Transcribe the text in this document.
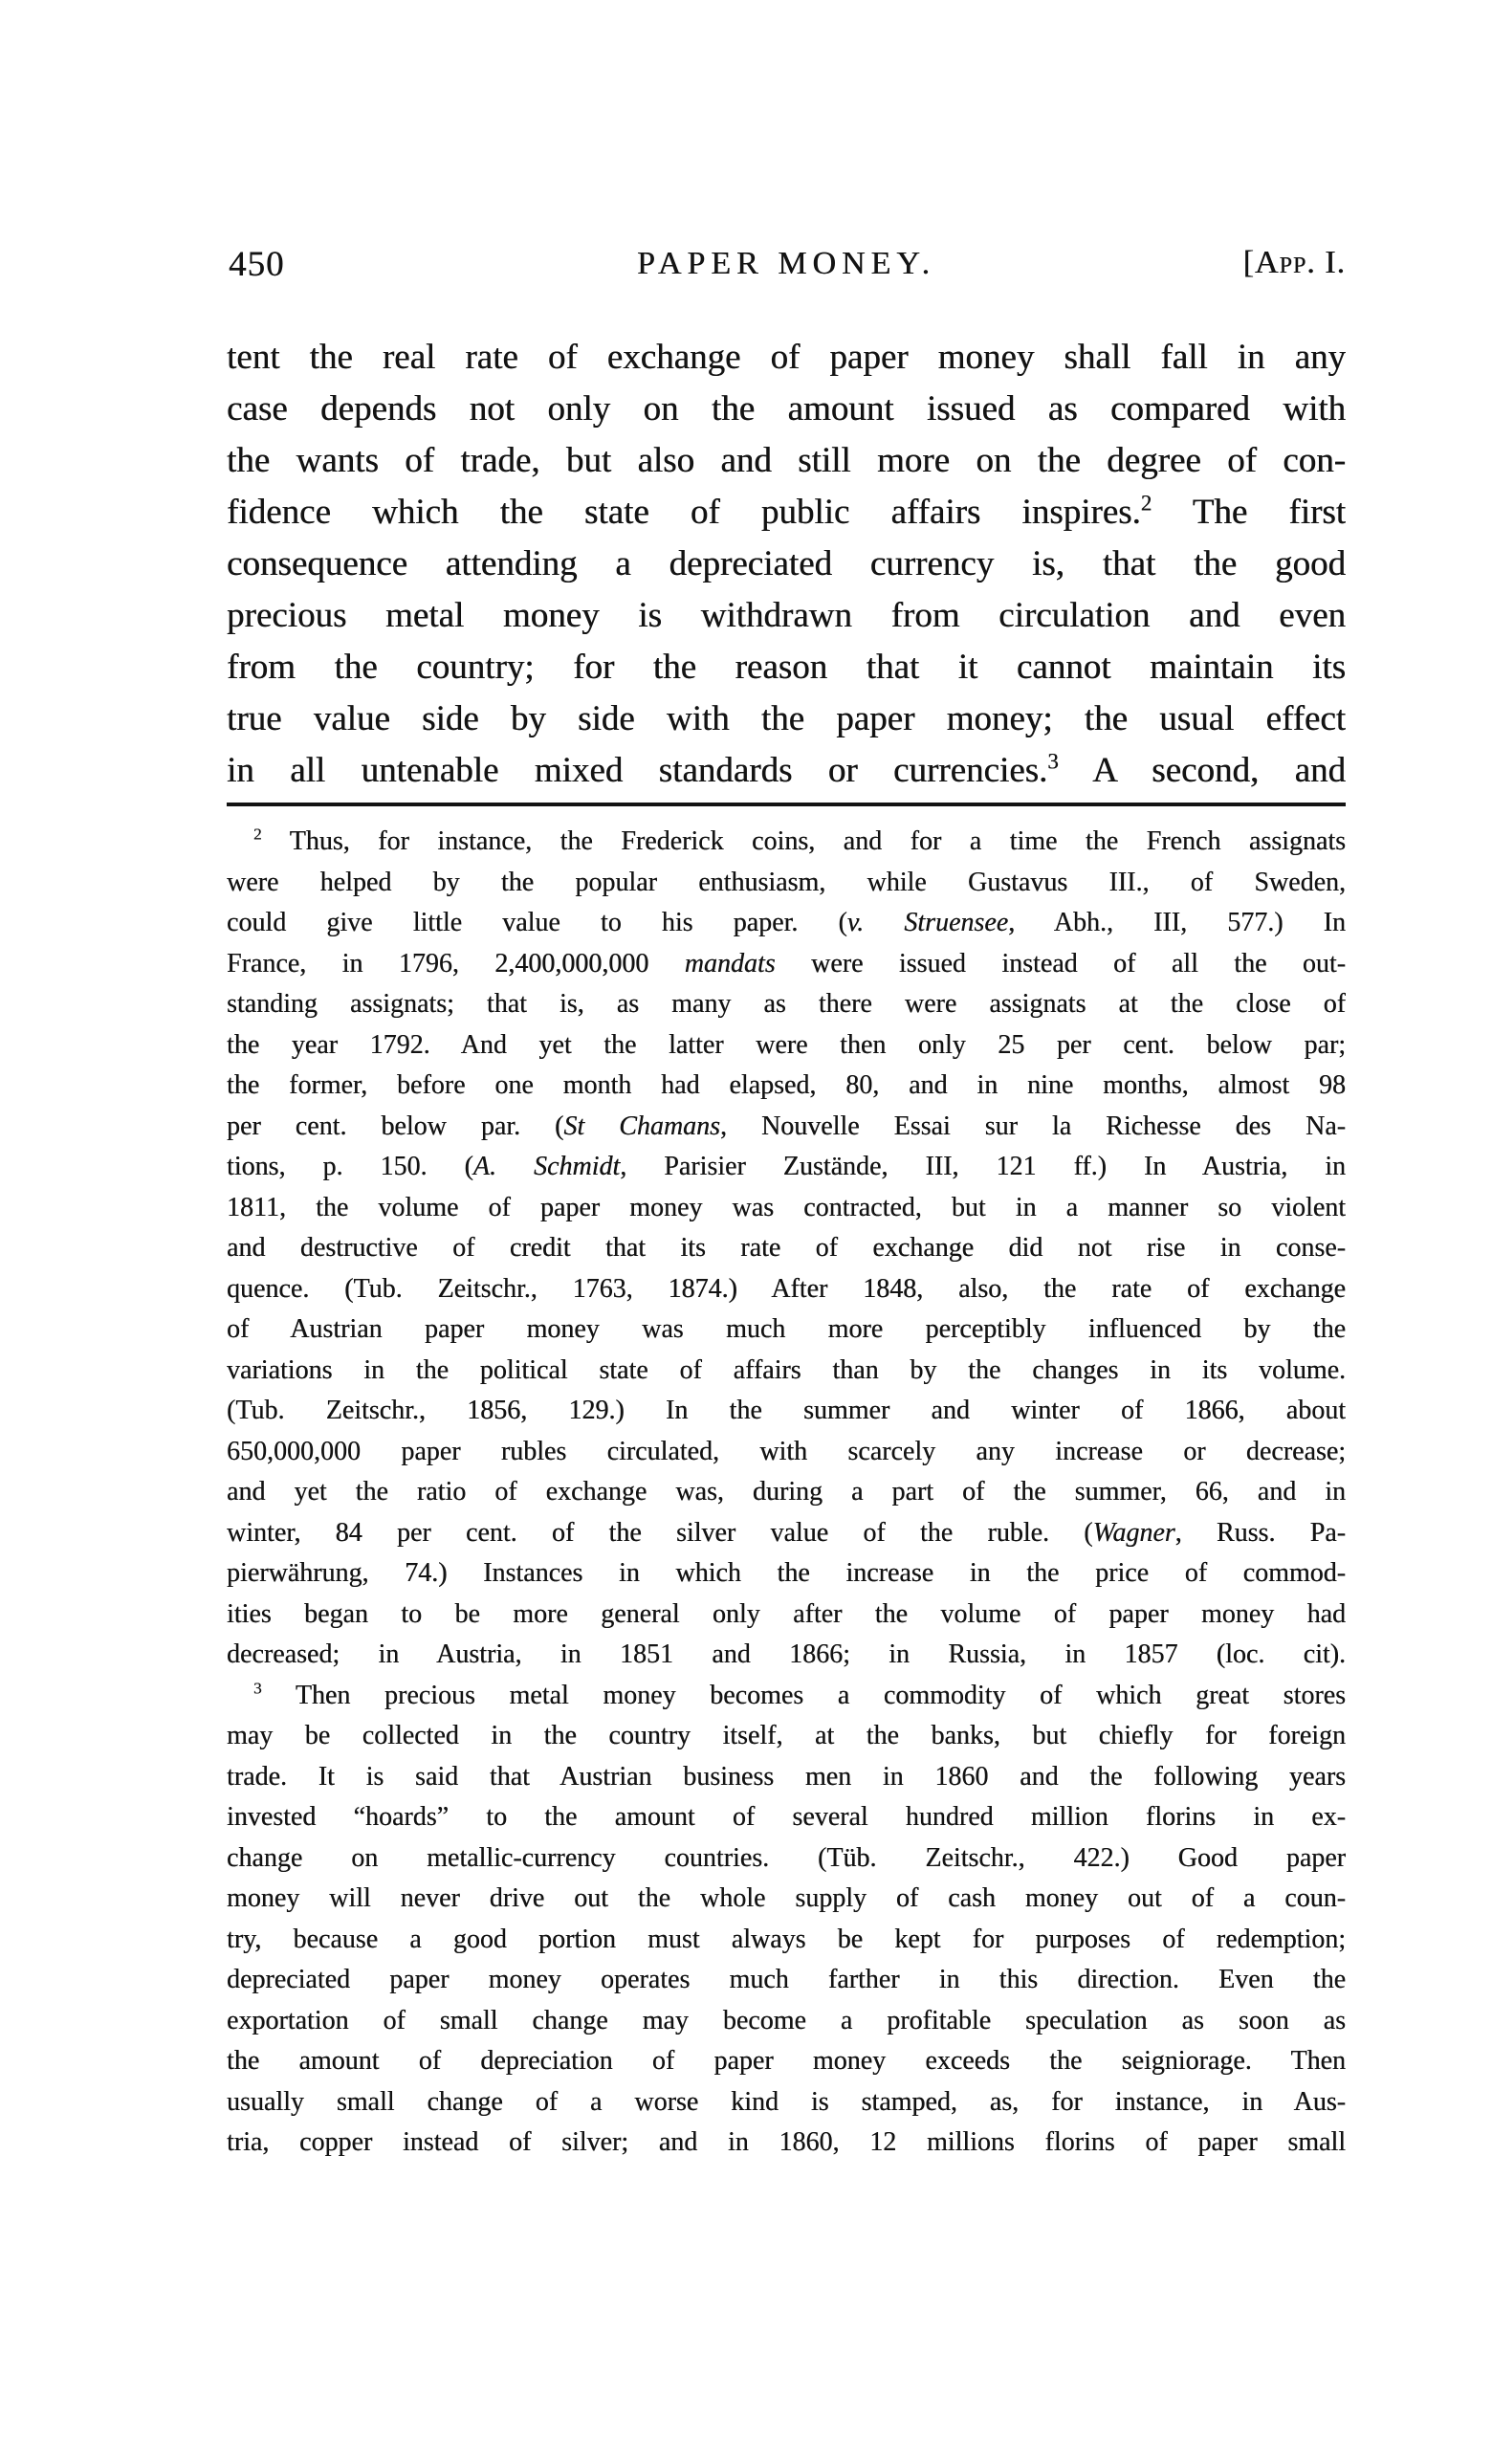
450	PAPER MONEY.	[App. I.
tent the real rate of exchange of paper money shall fall in any
case depends not only on the amount issued as compared with
the wants of trade, but also and still more on the degree of con-
fidence which the state of public affairs inspires.$^2$ The first
consequence attending a depreciated currency is, that the good
precious metal money is withdrawn from circulation and even
from the country; for the reason that it cannot maintain its
true value side by side with the paper money; the usual effect
in all untenable mixed standards or currencies.$^3$ A second, and
$^2$ Thus, for instance, the Frederick coins, and for a time the French assignats
were helped by the popular enthusiasm, while Gustavus III., of Sweden,
could give little value to his paper. (v. Struensee, Abh., III, 577.) In
France, in 1796, 2,400,000,000 mandats were issued instead of all the out-
standing assignats; that is, as many as there were assignats at the close of
the year 1792. And yet the latter were then only 25 per cent. below par;
the former, before one month had elapsed, 80, and in nine months, almost 98
per cent. below par. (St Chamans, Nouvelle Essai sur la Richesse des Na-
tions, p. 150. (A. Schmidt, Parisier Zustände, III, 121 ff.) In Austria, in
1811, the volume of paper money was contracted, but in a manner so violent
and destructive of credit that its rate of exchange did not rise in conse-
quence. (Tub. Zeitschr., 1763, 1874.) After 1848, also, the rate of exchange
of Austrian paper money was much more perceptibly influenced by the
variations in the political state of affairs than by the changes in its volume.
(Tub. Zeitschr., 1856, 129.) In the summer and winter of 1866, about
650,000,000 paper rubles circulated, with scarcely any increase or decrease;
and yet the ratio of exchange was, during a part of the summer, 66, and in
winter, 84 per cent. of the silver value of the ruble. (Wagner, Russ. Pa-
pierwährung, 74.) Instances in which the increase in the price of commod-
ities began to be more general only after the volume of paper money had
decreased; in Austria, in 1851 and 1866; in Russia, in 1857 (loc. cit).
$^3$ Then precious metal money becomes a commodity of which great stores
may be collected in the country itself, at the banks, but chiefly for foreign
trade. It is said that Austrian business men in 1860 and the following years
invested “hoards” to the amount of several hundred million florins in ex-
change on metallic-currency countries. (Tüb. Zeitschr., 422.) Good paper
money will never drive out the whole supply of cash money out of a coun-
try, because a good portion must always be kept for purposes of redemption;
depreciated paper money operates much farther in this direction. Even the
exportation of small change may become a profitable speculation as soon as
the amount of depreciation of paper money exceeds the seigniorage. Then
usually small change of a worse kind is stamped, as, for instance, in Aus-
tria, copper instead of silver; and in 1860, 12 millions florins of paper small
